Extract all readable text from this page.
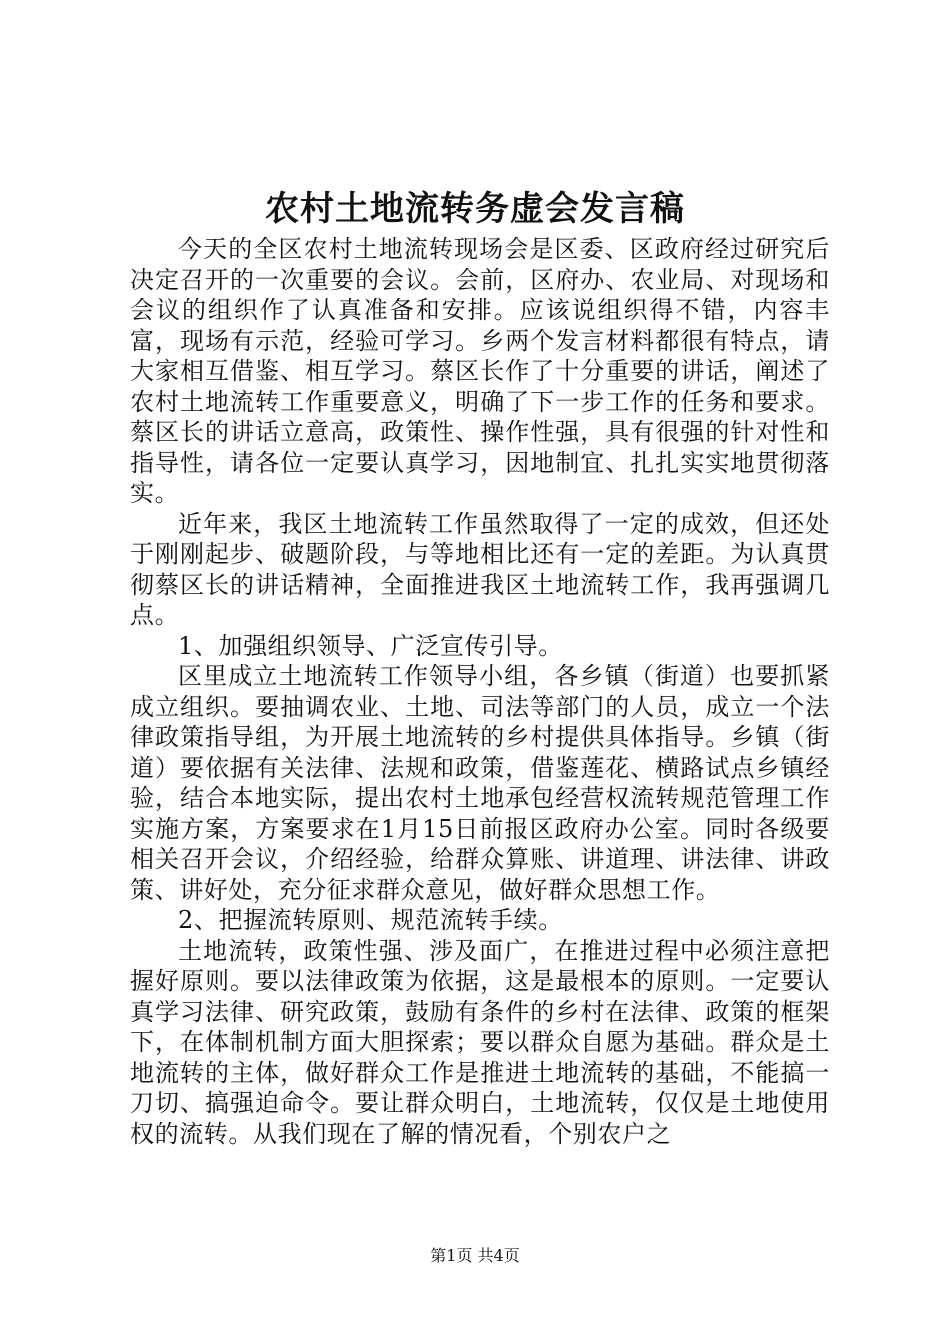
农村土地流转务虚会发言稿

今天的全区农村土地流转现场会是区委、区政府经过研究后决定召开的一次重要的会议。会前，区府办、农业局、对现场和会议的组织作了认真准备和安排。应该说组织得不错，内容丰富，现场有示范，经验可学习。乡两个发言材料都很有特点，请大家相互借鉴、相互学习。蔡区长作了十分重要的讲话，阐述了农村土地流转工作重要意义，明确了下一步工作的任务和要求。蔡区长的讲话立意高，政策性、操作性强，具有很强的针对性和指导性，请各位一定要认真学习，因地制宜、扎扎实实地贯彻落实。

近年来，我区土地流转工作虽然取得了一定的成效，但还处于刚刚起步、破题阶段，与等地相比还有一定的差距。为认真贯彻蔡区长的讲话精神，全面推进我区土地流转工作，我再强调几点。

1、加强组织领导、广泛宣传引导。

区里成立土地流转工作领导小组，各乡镇（街道）也要抓紧成立组织。要抽调农业、土地、司法等部门的人员，成立一个法律政策指导组，为开展土地流转的乡村提供具体指导。乡镇（街道）要依据有关法律、法规和政策，借鉴莲花、横路试点乡镇经验，结合本地实际，提出农村土地承包经营权流转规范管理工作实施方案，方案要求在1月15日前报区政府办公室。同时各级要相关召开会议，介绍经验，给群众算账、讲道理、讲法律、讲政策、讲好处，充分征求群众意见，做好群众思想工作。

2、把握流转原则、规范流转手续。

土地流转，政策性强、涉及面广，在推进过程中必须注意把握好原则。要以法律政策为依据，这是最根本的原则。一定要认真学习法律、研究政策，鼓励有条件的乡村在法律、政策的框架下，在体制机制方面大胆探索；要以群众自愿为基础。群众是土地流转的主体，做好群众工作是推进土地流转的基础，不能搞一刀切、搞强迫命令。要让群众明白，土地流转，仅仅是土地使用权的流转。从我们现在了解的情况看，个别农户之

第1页 共4页
